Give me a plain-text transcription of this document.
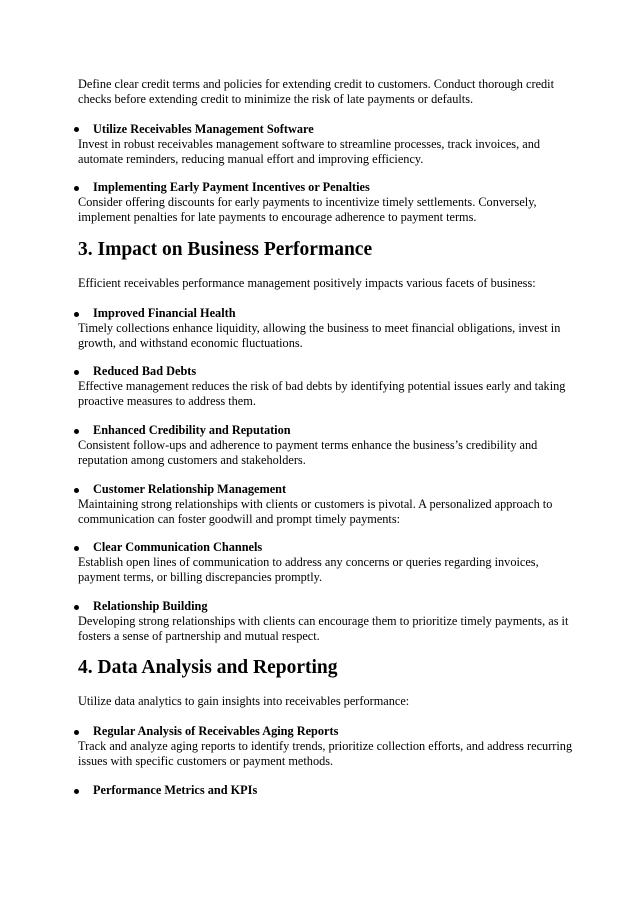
Define clear credit terms and policies for extending credit to customers. Conduct thorough credit checks before extending credit to minimize the risk of late payments or defaults.

Utilize Receivables Management Software

Invest in robust receivables management software to streamline processes, track invoices, and automate reminders, reducing manual effort and improving efficiency.

Implementing Early Payment Incentives or Penalties

Consider offering discounts for early payments to incentivize timely settlements. Conversely, implement penalties for late payments to encourage adherence to payment terms.

3. Impact on Business Performance

Efficient receivables performance management positively impacts various facets of business:

Improved Financial Health

Timely collections enhance liquidity, allowing the business to meet financial obligations, invest in growth, and withstand economic fluctuations.

Reduced Bad Debts

Effective management reduces the risk of bad debts by identifying potential issues early and taking proactive measures to address them.

Enhanced Credibility and Reputation

Consistent follow-ups and adherence to payment terms enhance the business’s credibility and reputation among customers and stakeholders.

Customer Relationship Management

Maintaining strong relationships with clients or customers is pivotal. A personalized approach to communication can foster goodwill and prompt timely payments:

Clear Communication Channels

Establish open lines of communication to address any concerns or queries regarding invoices, payment terms, or billing discrepancies promptly.

Relationship Building

Developing strong relationships with clients can encourage them to prioritize timely payments, as it fosters a sense of partnership and mutual respect.

4. Data Analysis and Reporting

Utilize data analytics to gain insights into receivables performance:

Regular Analysis of Receivables Aging Reports

Track and analyze aging reports to identify trends, prioritize collection efforts, and address recurring issues with specific customers or payment methods.

Performance Metrics and KPIs
